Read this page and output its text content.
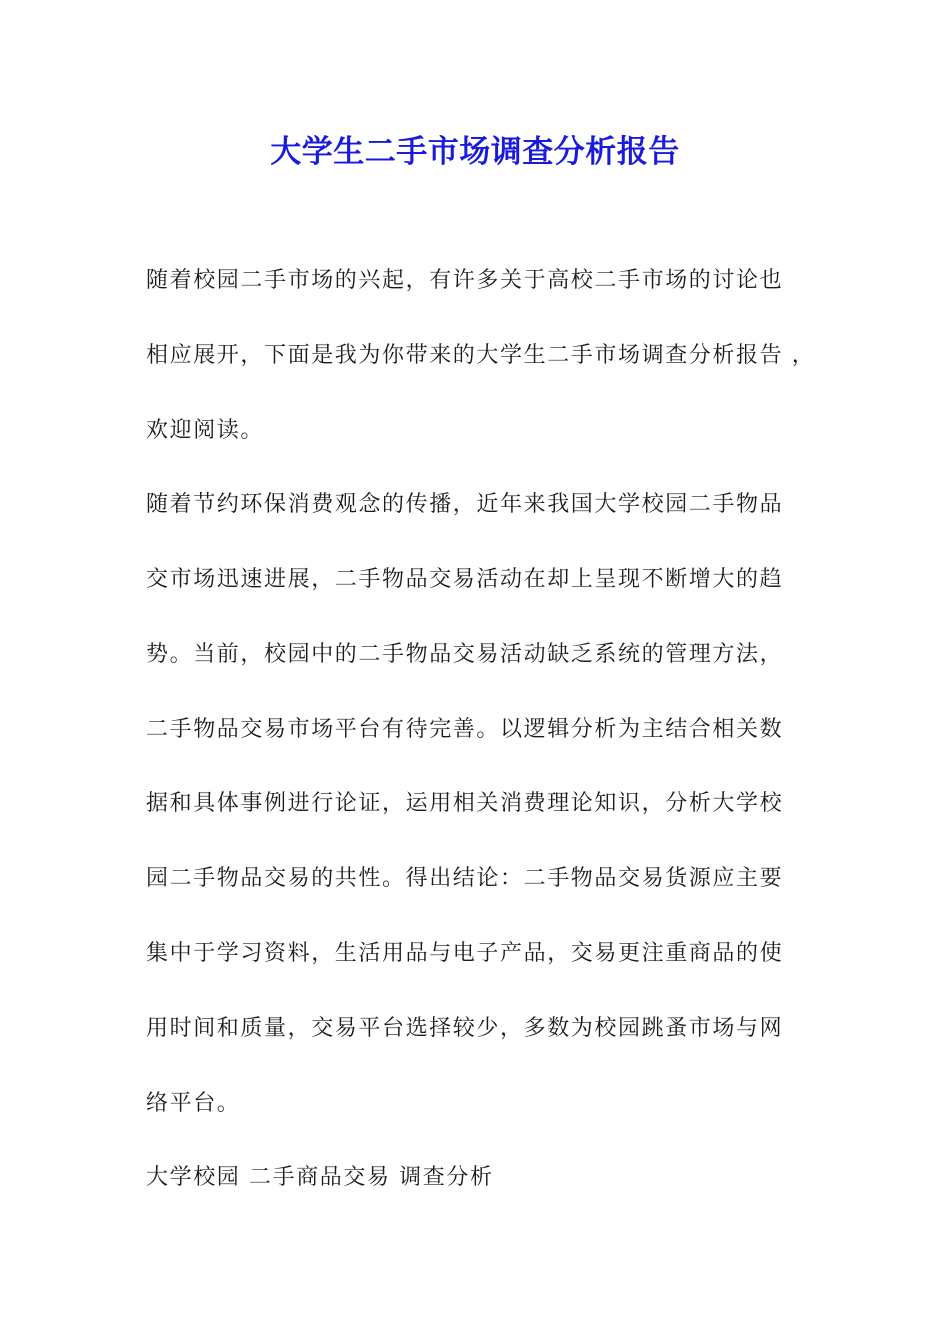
大学生二手市场调查分析报告
随着校园二手市场的兴起，有许多关于高校二手市场的讨论也
相应展开，下面是我为你带来的大学生二手市场调查分析报告 ，
欢迎阅读。
随着节约环保消费观念的传播，近年来我国大学校园二手物品
交市场迅速进展，二手物品交易活动在却上呈现不断增大的趋
势。当前，校园中的二手物品交易活动缺乏系统的管理方法，
二手物品交易市场平台有待完善。以逻辑分析为主结合相关数
据和具体事例进行论证，运用相关消费理论知识，分析大学校
园二手物品交易的共性。得出结论：二手物品交易货源应主要
集中于学习资料，生活用品与电子产品，交易更注重商品的使
用时间和质量，交易平台选择较少，多数为校园跳蚤市场与网
络平台。
大学校园 二手商品交易 调查分析
